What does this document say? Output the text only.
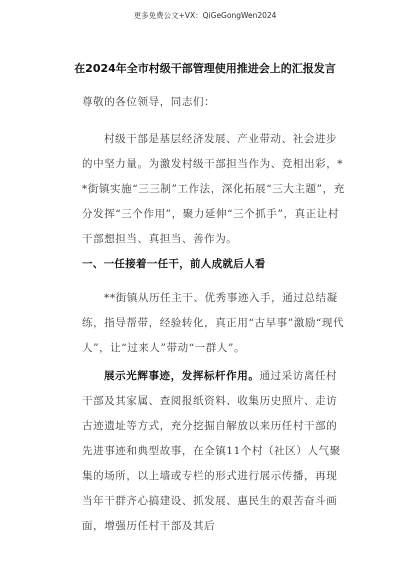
更多免费公文+VX：QiGeGongWen2024
在2024年全市村级干部管理使用推进会上的汇报发言

尊敬的各位领导，同志们：

村级干部是基层经济发展、产业带动、社会进步的中坚力量。为激发村级干部担当作为、竞相出彩，**街镇实施“三三制”工作法，深化拓展“三大主题”，充分发挥“三个作用”，聚力延伸“三个抓手”，真正让村干部想担当、真担当、善作为。

一、一任接着一任干，前人成就后人看

**街镇从历任主干、优秀事迹入手，通过总结凝练，指导帮带，经验转化，真正用“古早事”激励“现代人”，让“过来人”带动“一群人”。

展示光辉事迹，发挥标杆作用。通过采访离任村干部及其家属、查阅报纸资料、收集历史照片、走访古迹遗址等方式，充分挖掘自解放以来历任村干部的先进事迹和典型故事，在全镇11个村（社区）人气聚集的场所，以上墙或专栏的形式进行展示传播，再现当年干群齐心搞建设、抓发展、惠民生的艰苦奋斗画面，增强历任村干部及其后
